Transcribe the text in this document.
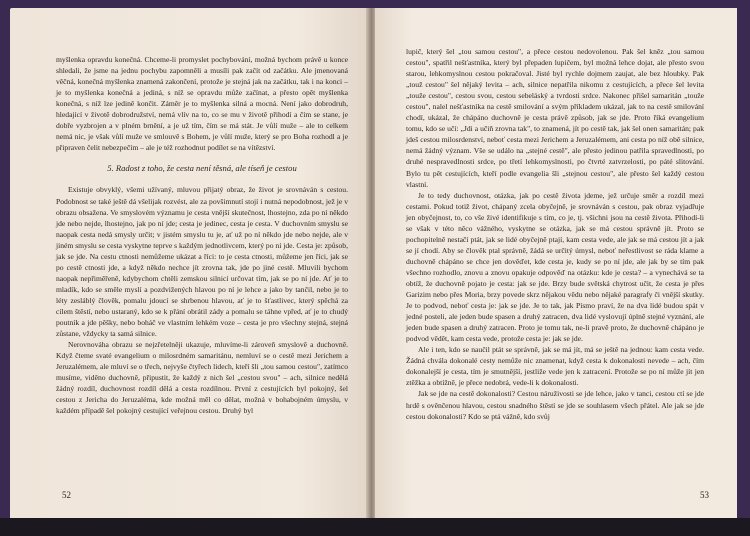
myšlenka opravdu konečná. Chceme-li promyslet pochybování, možná bychom právě u konce shledali, že jsme na jednu pochybu zapomněli a musíli pak začít od začátku. Ale jmenovaná věčná, konečná myšlenka znamená zakončení, protože je stejná jak na začátku, tak i na konci – je to myšlenka konečná a jediná, s níž se opravdu může začínat, a přesto opět myšlenka konečná, s níž lze jedině končit. Záměr je to myšlenka silná a mocná. Není jako dobrodruh, hledající v životě dobrodružství, nemá vlív na to, co se mu v životě přihodí a čím se stane, je dobře vyzbrojen a v plném brnění, a je už tím, čím se má stát. Je vůlí muže – ale to celkem nemá nic, je však vůlí muže ve smlouvě s Bohem, je vůlí muže, který se pro Boha rozhodl a je připraven čelit nebezpečím – ale je též rozhodnut podílet se na vítězství.

5. Radost z toho, že cesta není těsná, ale tíseň je cestou

Existuje obvyklý, všemi užívaný, mluvou přijatý obraz, že život je srovnáván s cestou. Podobnost se také ještě dá všelijak rozvést, ale za povšimnutí stojí i nutná nepodobnost, jež je v obrazu obsažena. Ve smyslovém významu je cesta vnější skutečnost, lhostejno, zda po ní někdo jde nebo nejde, lhostejno, jak po ní jde; cesta je jedinec, cesta je cesta. V duchovním smyslu se naopak cesta nedá smysly určit; v jistém smyslu tu je, ať už po ní někdo jde nebo nejde, ale v jiném smyslu se cesta vyskytne teprve s každým jednotlivcem, který po ní jde. Cesta je: způsob, jak se jde. Na cestu ctnosti nemůžeme ukázat a říci: to je cesta ctnosti, můžeme jen říci, jak se po cestě ctnosti jde, a když někdo nechce jít zrovna tak, jde po jiné cestě. Mluvili bychom naopak nepřiměřeně, kdybychom chtěli zemskou silnicí určovat tím, jak se po ní jde. Ať je to mladík, kdo se směle myslí a pozdvižených hlavou po ní je lehce a jako by tančil, nebo je to léty zesláblý člověk, pomalu jdoucí se shrbenou hlavou, ať je to šťastlivec, který spěchá za cílem štěstí, nebo ustaraný, kdo se k přání obrátil zády a pomalu se táhne vpřed, ať je to chudý poutník a jde pěšky, nebo boháč ve vlastním lehkém voze – cesta je pro všechny stejná, stejná zůstane, vždycky ta samá silnice.

Nerovnováha obrazu se nejzřetelněji ukazuje, mluvíme-li zároveň smyslově a duchovně. Když čteme svaté evangelium o milosrdném samaritánu, nemluví se o cestě mezi Jerichem a Jeruzalémem, ale mluví se o třech, nejvyše čtyřech lidech, kteří šli „tou samou cestou", zatímco musíme, viděno duchovně, připustit, že každý z nich šel „cestou svou" – ach, silnice nedělá žádný rozdíl, duchovnost rozdíl dělá a cesta rozdílnou. První z cestujících byl pokojný, šel cestou z Jericha do Jeruzaléma, kde možná měl co dělat, možná v bohabojném úmyslu, v každém případě šel pokojný cestující veřejnou cestou. Druhý byl

52

lupič, který šel „tou samou cestou", a přece cestou nedovolenou. Pak šel kněz „tou samou cestou", spatřil nešťastníka, který byl přepaden lupičem, byl možná lehce dojat, ale přesto svou starou, lehkomyslnou cestou pokračoval. Jisté byl rychle dojmem zaujat, ale bez hloubky. Pak „touž cestou" šel nějaký levita – ach, silnice nepatřila nikomu z cestujících, a přece šel levita „touže cestou", cestou svou, cestou sebeláský a tvrdosti srdce. Nakonec přišel samaritán „touže cestou", nalel nešťastníka na cestě smilování a svým příkladem ukázal, jak to na cestě smilování chodí, ukázal, že chápáno duchovně je cesta právě způsob, jak se jde. Proto říká evangelium tomu, kdo se učí: „Jdi a učiň zrovna tak", to znamená, jít po cestě tak, jak šel onen samaritán; pak jdeš cestou milosrdenství, neboť cesta mezi Jerichem a Jeruzalémem, ani cesta po níž obě silnice, nemá žádný význam. Vše se událo na „stejné cestě", ale přesto jedinou patřila spravedlnosti, po druhé nespravedlnosti srdce, po třetí lehkomyslnosti, po čtvrté zatvrzelosti, po páté slitování. Bylo tu pět cestujících, kteří podle evangelia šli „stejnou cestou", ale přesto šel každý cestou vlastní.

Je to tedy duchovnost, otázka, jak po cestě života jdeme, jež určuje směr a rozdíl mezi cestami. Pokud totiž život, chápaný zcela obyčejně, je srovnáván s cestou, pak obraz vyjadřuje jen obyčejnost, to, co vše živé identifikuje s tím, co je, tj. všichni jsou na cestě života. Přihodí-li se však v této něco vážného, vyskytne se otázka, jak se má cestou správně jít. Proto se pochopitelně nestačí ptát, jak se lidé obyčejně ptají, kam cesta vede, ale jak se má cestou jít a jak se jí chodí. Aby se člověk ptal správně, žádá se určitý úmysl, neboť neřestlivost se ráda klame a duchovně chápáno se chce jen dověďet, kde cesta je, kudy se po ní jde, ale jak by se tím pak všechno rozhodlo, znovu a znovu opakuje odpověď na otázku: kde je cesta? – a vynechává se ta obtíž, že duchovně pojato je cesta: jak se jde. Brzy bude světská chytrost učit, že cesta je přes Garizim nebo přes Moria, brzy povede skrz nějakou vědu nebo nějaké paragrafy či vnější skutky. Je to podvod, neboť cesta je: jak se jde. Je to tak, jak Písmo praví, že na dva lidé budou spát v jedné posteli, ale jeden bude spasen a druhý zatracen, dva lidé vyslovují úplně stejné vyznání, ale jeden bude spasen a druhý zatracen. Proto je tomu tak, ne-li pravě proto, že duchovně chápáno je podvod vědět, kam cesta vede, protože cesta je: jak se jde.

Ale i ten, kdo se naučil ptát se správně, jak se má jít, má se ještě na jednou: kam cesta vede. Žádná chvála dokonalé cesty nemůže nic znamenat, když cesta k dokonalosti nevede – ach, čím dokonalejší je cesta, tím je smutnější, jestliže vede jen k zatracení. Protože se po ní může jít jen ztěžka a obtížně, je přece nedobrá, vede-li k dokonalosti.

Jak se jde na cestě dokonalosti? Cestou náruživosti se jde lehce, jako v tanci, cestou ctí se jde hrdě s ověnčenou hlavou, cestou snadného štěstí se jde se souhlasem všech přátel. Ale jak se jde cestou dokonalosti? Kdo se ptá vážně, kdo svůj

53
